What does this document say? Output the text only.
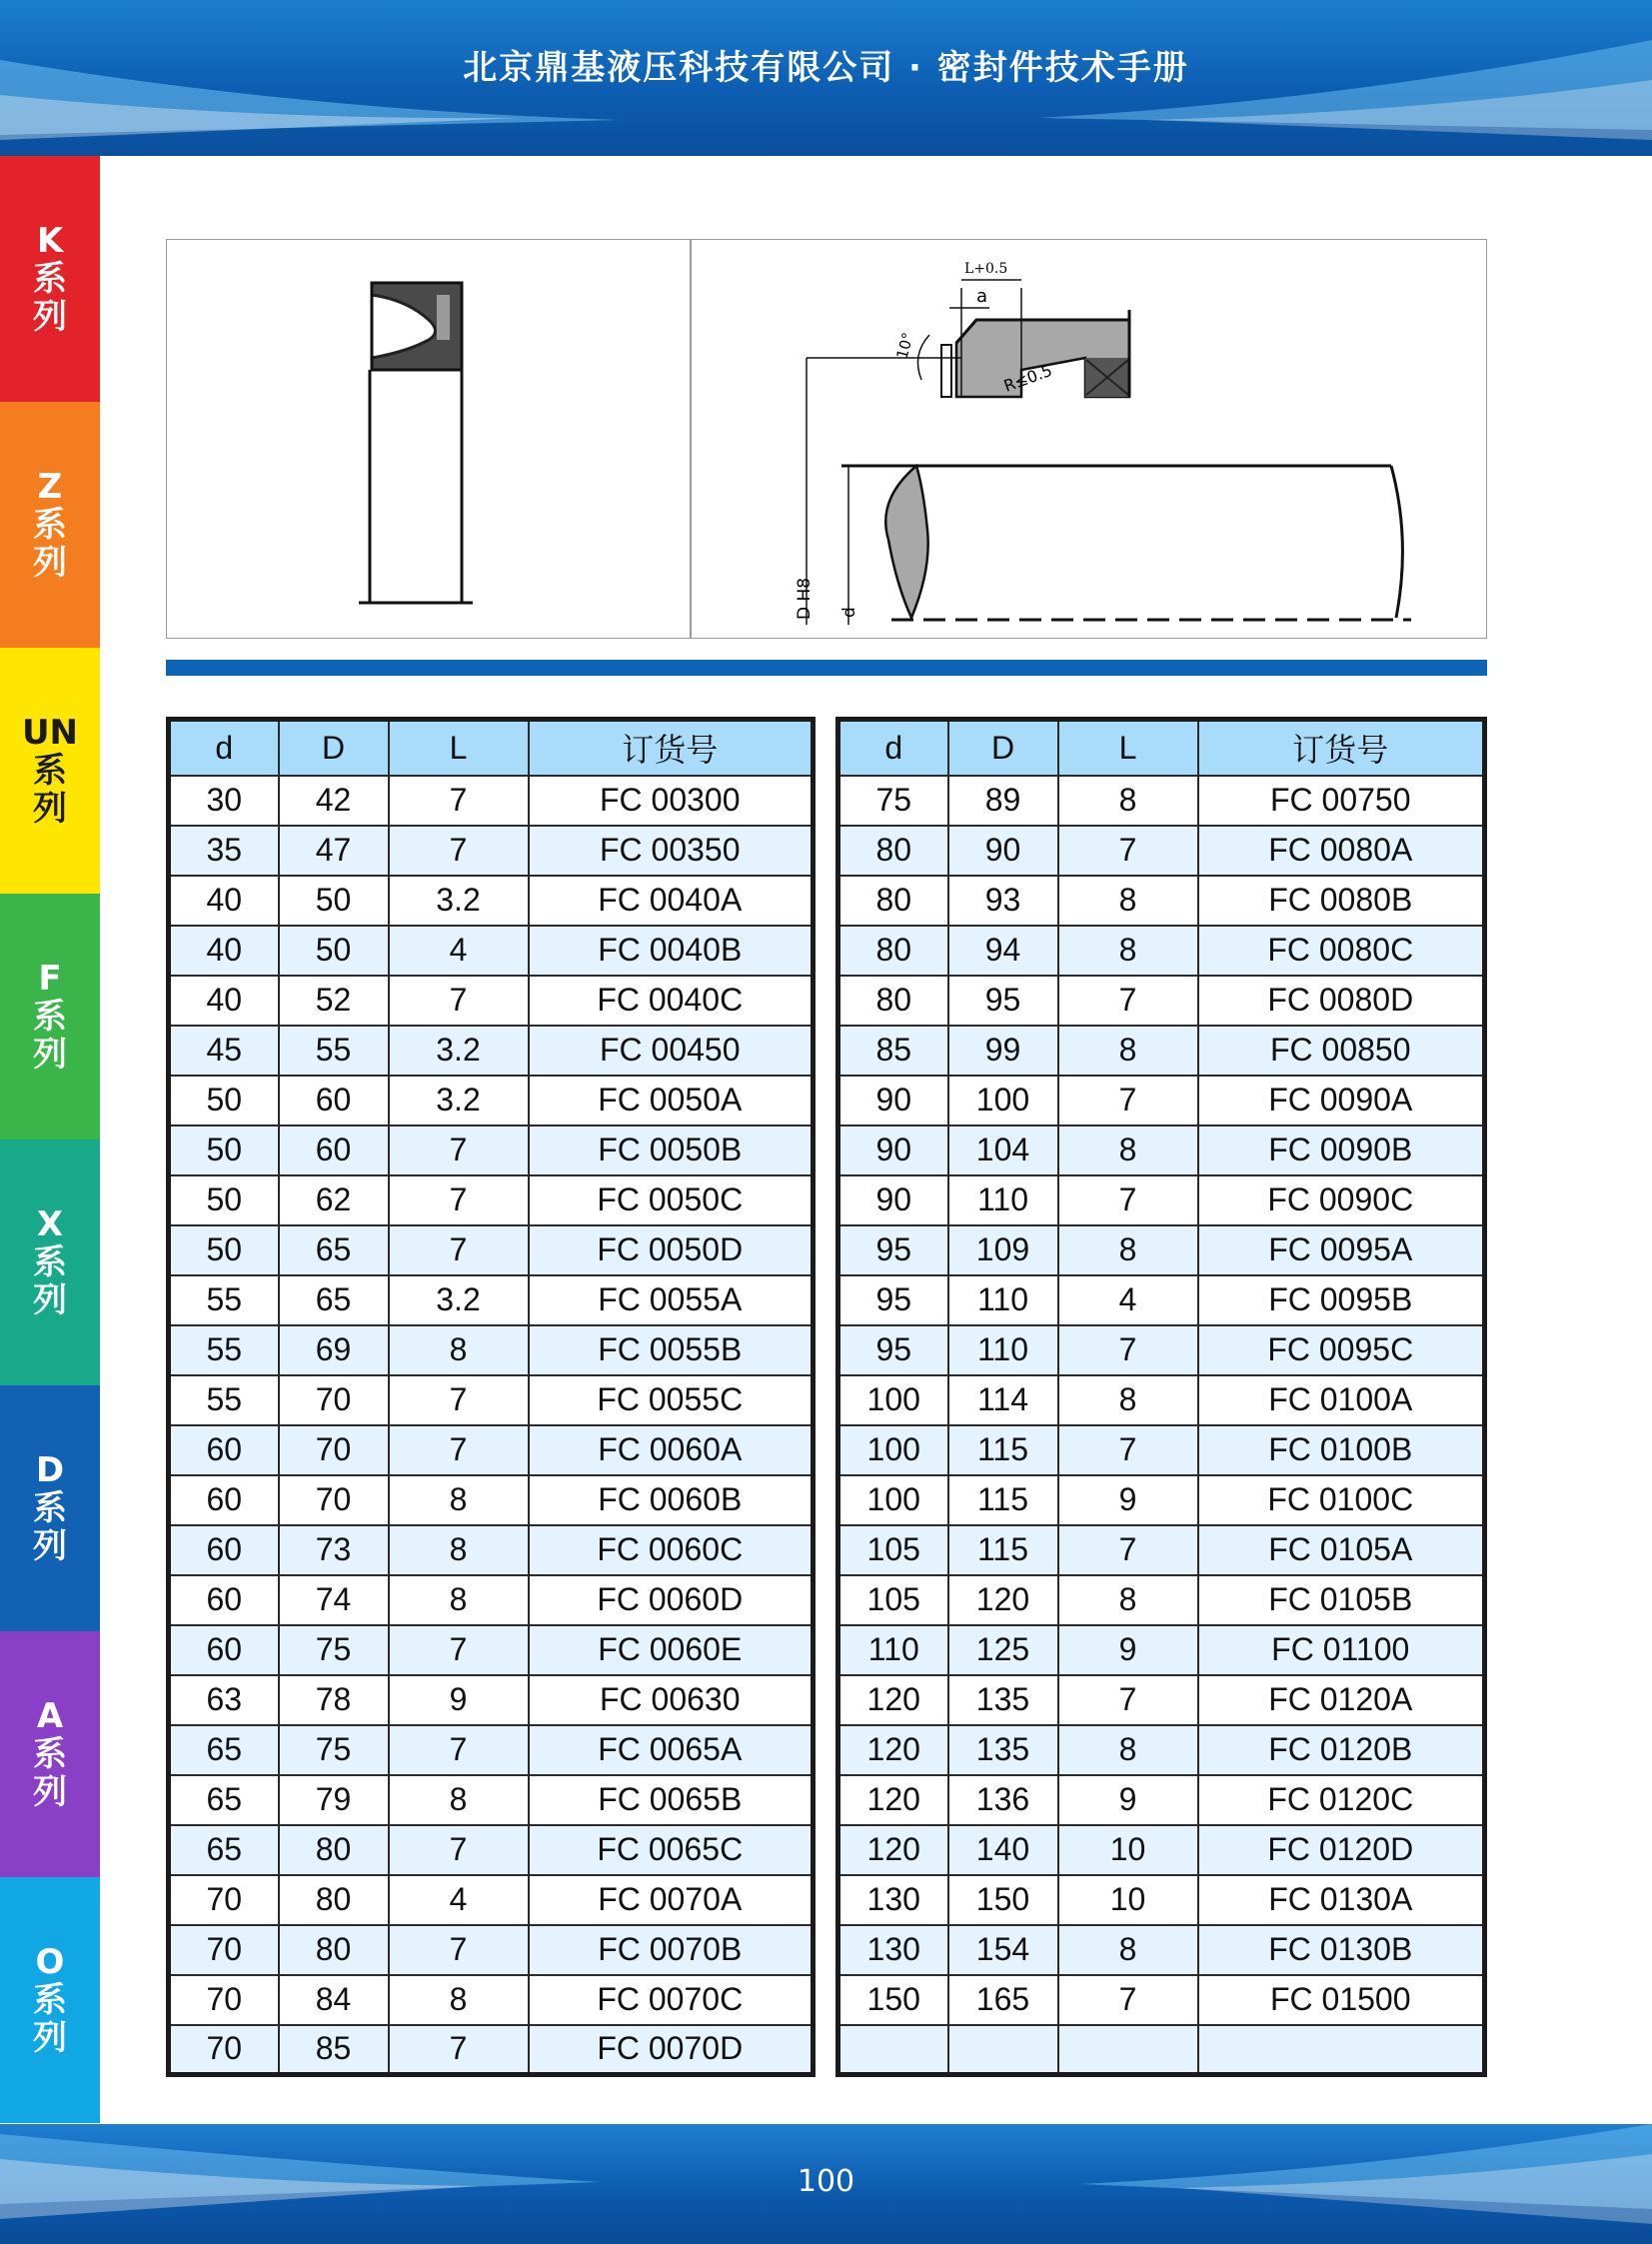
北京鼎基液压科技有限公司 · 密封件技术手册
K
系
列
Z
系
列
UN
系
列
F
系
列
X
系
列
D
系
列
A
系
列
O
系
列
L+0.5
a
10°
R≤0.5
D H8 d
d	D	L	订货号
30	42	7	FC 00300
35	47	7	FC 00350
40	50	3.2	FC 0040A
40	50	4	FC 0040B
40	52	7	FC 0040C
45	55	3.2	FC 00450
50	60	3.2	FC 0050A
50	60	7	FC 0050B
50	62	7	FC 0050C
50	65	7	FC 0050D
55	65	3.2	FC 0055A
55	69	8	FC 0055B
55	70	7	FC 0055C
60	70	7	FC 0060A
60	70	8	FC 0060B
60	73	8	FC 0060C
60	74	8	FC 0060D
60	75	7	FC 0060E
63	78	9	FC 00630
65	75	7	FC 0065A
65	79	8	FC 0065B
65	80	7	FC 0065C
70	80	4	FC 0070A
70	80	7	FC 0070B
70	84	8	FC 0070C
70	85	7	FC 0070D
d	D	L	订货号
75	89	8	FC 00750
80	90	7	FC 0080A
80	93	8	FC 0080B
80	94	8	FC 0080C
80	95	7	FC 0080D
85	99	8	FC 00850
90	100	7	FC 0090A
90	104	8	FC 0090B
90	110	7	FC 0090C
95	109	8	FC 0095A
95	110	4	FC 0095B
95	110	7	FC 0095C
100	114	8	FC 0100A
100	115	7	FC 0100B
100	115	9	FC 0100C
105	115	7	FC 0105A
105	120	8	FC 0105B
110	125	9	FC 01100
120	135	7	FC 0120A
120	135	8	FC 0120B
120	136	9	FC 0120C
120	140	10	FC 0120D
130	150	10	FC 0130A
130	154	8	FC 0130B
150	165	7	FC 01500

100
